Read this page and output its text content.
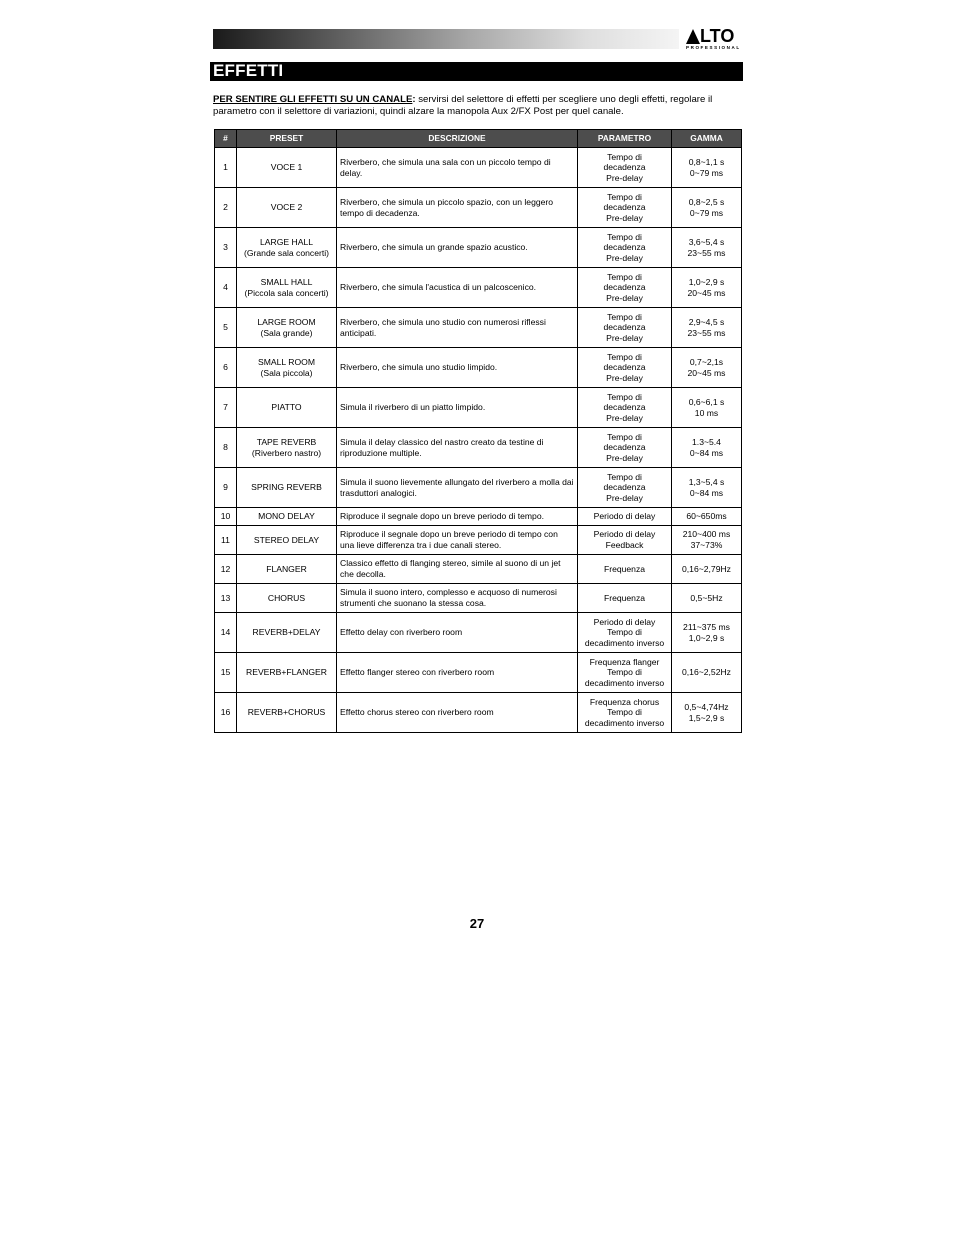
LTO
PROFESSIONAL
EFFETTI
PER SENTIRE GLI EFFETTI SU UN CANALE: servirsi del selettore di effetti per scegliere uno degli effetti, regolare il parametro con il selettore di variazioni, quindi alzare la manopola Aux 2/FX Post per quel canale.
#	PRESET	DESCRIZIONE	PARAMETRO	GAMMA
1	VOCE 1	Riverbero, che simula una sala con un piccolo tempo di delay.	Tempo di
decadenza
Pre-delay	0,8~1,1 s
0~79 ms

2	VOCE 2	Riverbero, che simula un piccolo spazio, con un leggero tempo di decadenza.	Tempo di
decadenza
Pre-delay	0,8~2,5 s
0~79 ms

3	LARGE HALL
(Grande sala concerti)	Riverbero, che simula un grande spazio acustico.	Tempo di
decadenza
Pre-delay	3,6~5,4 s
23~55 ms

4	SMALL HALL
(Piccola sala concerti)	Riverbero, che simula l'acustica di un palcoscenico.	Tempo di
decadenza
Pre-delay	1,0~2,9 s
20~45 ms

5	LARGE ROOM
(Sala grande)	Riverbero, che simula uno studio con numerosi riflessi anticipati.	Tempo di
decadenza
Pre-delay	2,9~4,5 s
23~55 ms

6	SMALL ROOM
(Sala piccola)	Riverbero, che simula uno studio limpido.	Tempo di
decadenza
Pre-delay	0,7~2,1s
20~45 ms

7	PIATTO	Simula il riverbero di un piatto limpido.	Tempo di
decadenza
Pre-delay	0,6~6,1 s
10 ms

8	TAPE REVERB
(Riverbero nastro)	Simula il delay classico del nastro creato da testine di riproduzione multiple.	Tempo di
decadenza
Pre-delay	1.3~5.4
0~84 ms

9	SPRING REVERB	Simula il suono lievemente allungato del riverbero a molla dai trasduttori analogici.	Tempo di
decadenza
Pre-delay	1,3~5,4 s
0~84 ms

10	MONO DELAY	Riproduce il segnale dopo un breve periodo di tempo.	Periodo di delay	60~650ms

11	STEREO DELAY	Riproduce il segnale dopo un breve periodo di tempo con una lieve differenza tra i due canali stereo.	Periodo di delay
Feedback	210~400 ms
37~73%

12	FLANGER	Classico effetto di flanging stereo, simile al suono di un jet che decolla.	Frequenza	0,16~2,79Hz

13	CHORUS	Simula il suono intero, complesso e acquoso di numerosi strumenti che suonano la stessa cosa.	Frequenza	0,5~5Hz

14	REVERB+DELAY	Effetto delay con riverbero room	Periodo di delay
Tempo di
decadimento inverso	211~375 ms
1,0~2,9 s

15	REVERB+FLANGER	Effetto flanger stereo con riverbero room	Frequenza flanger
Tempo di
decadimento inverso	0,16~2,52Hz

16	REVERB+CHORUS	Effetto chorus stereo con riverbero room	Frequenza chorus
Tempo di
decadimento inverso	0,5~4,74Hz
1,5~2,9 s
27
